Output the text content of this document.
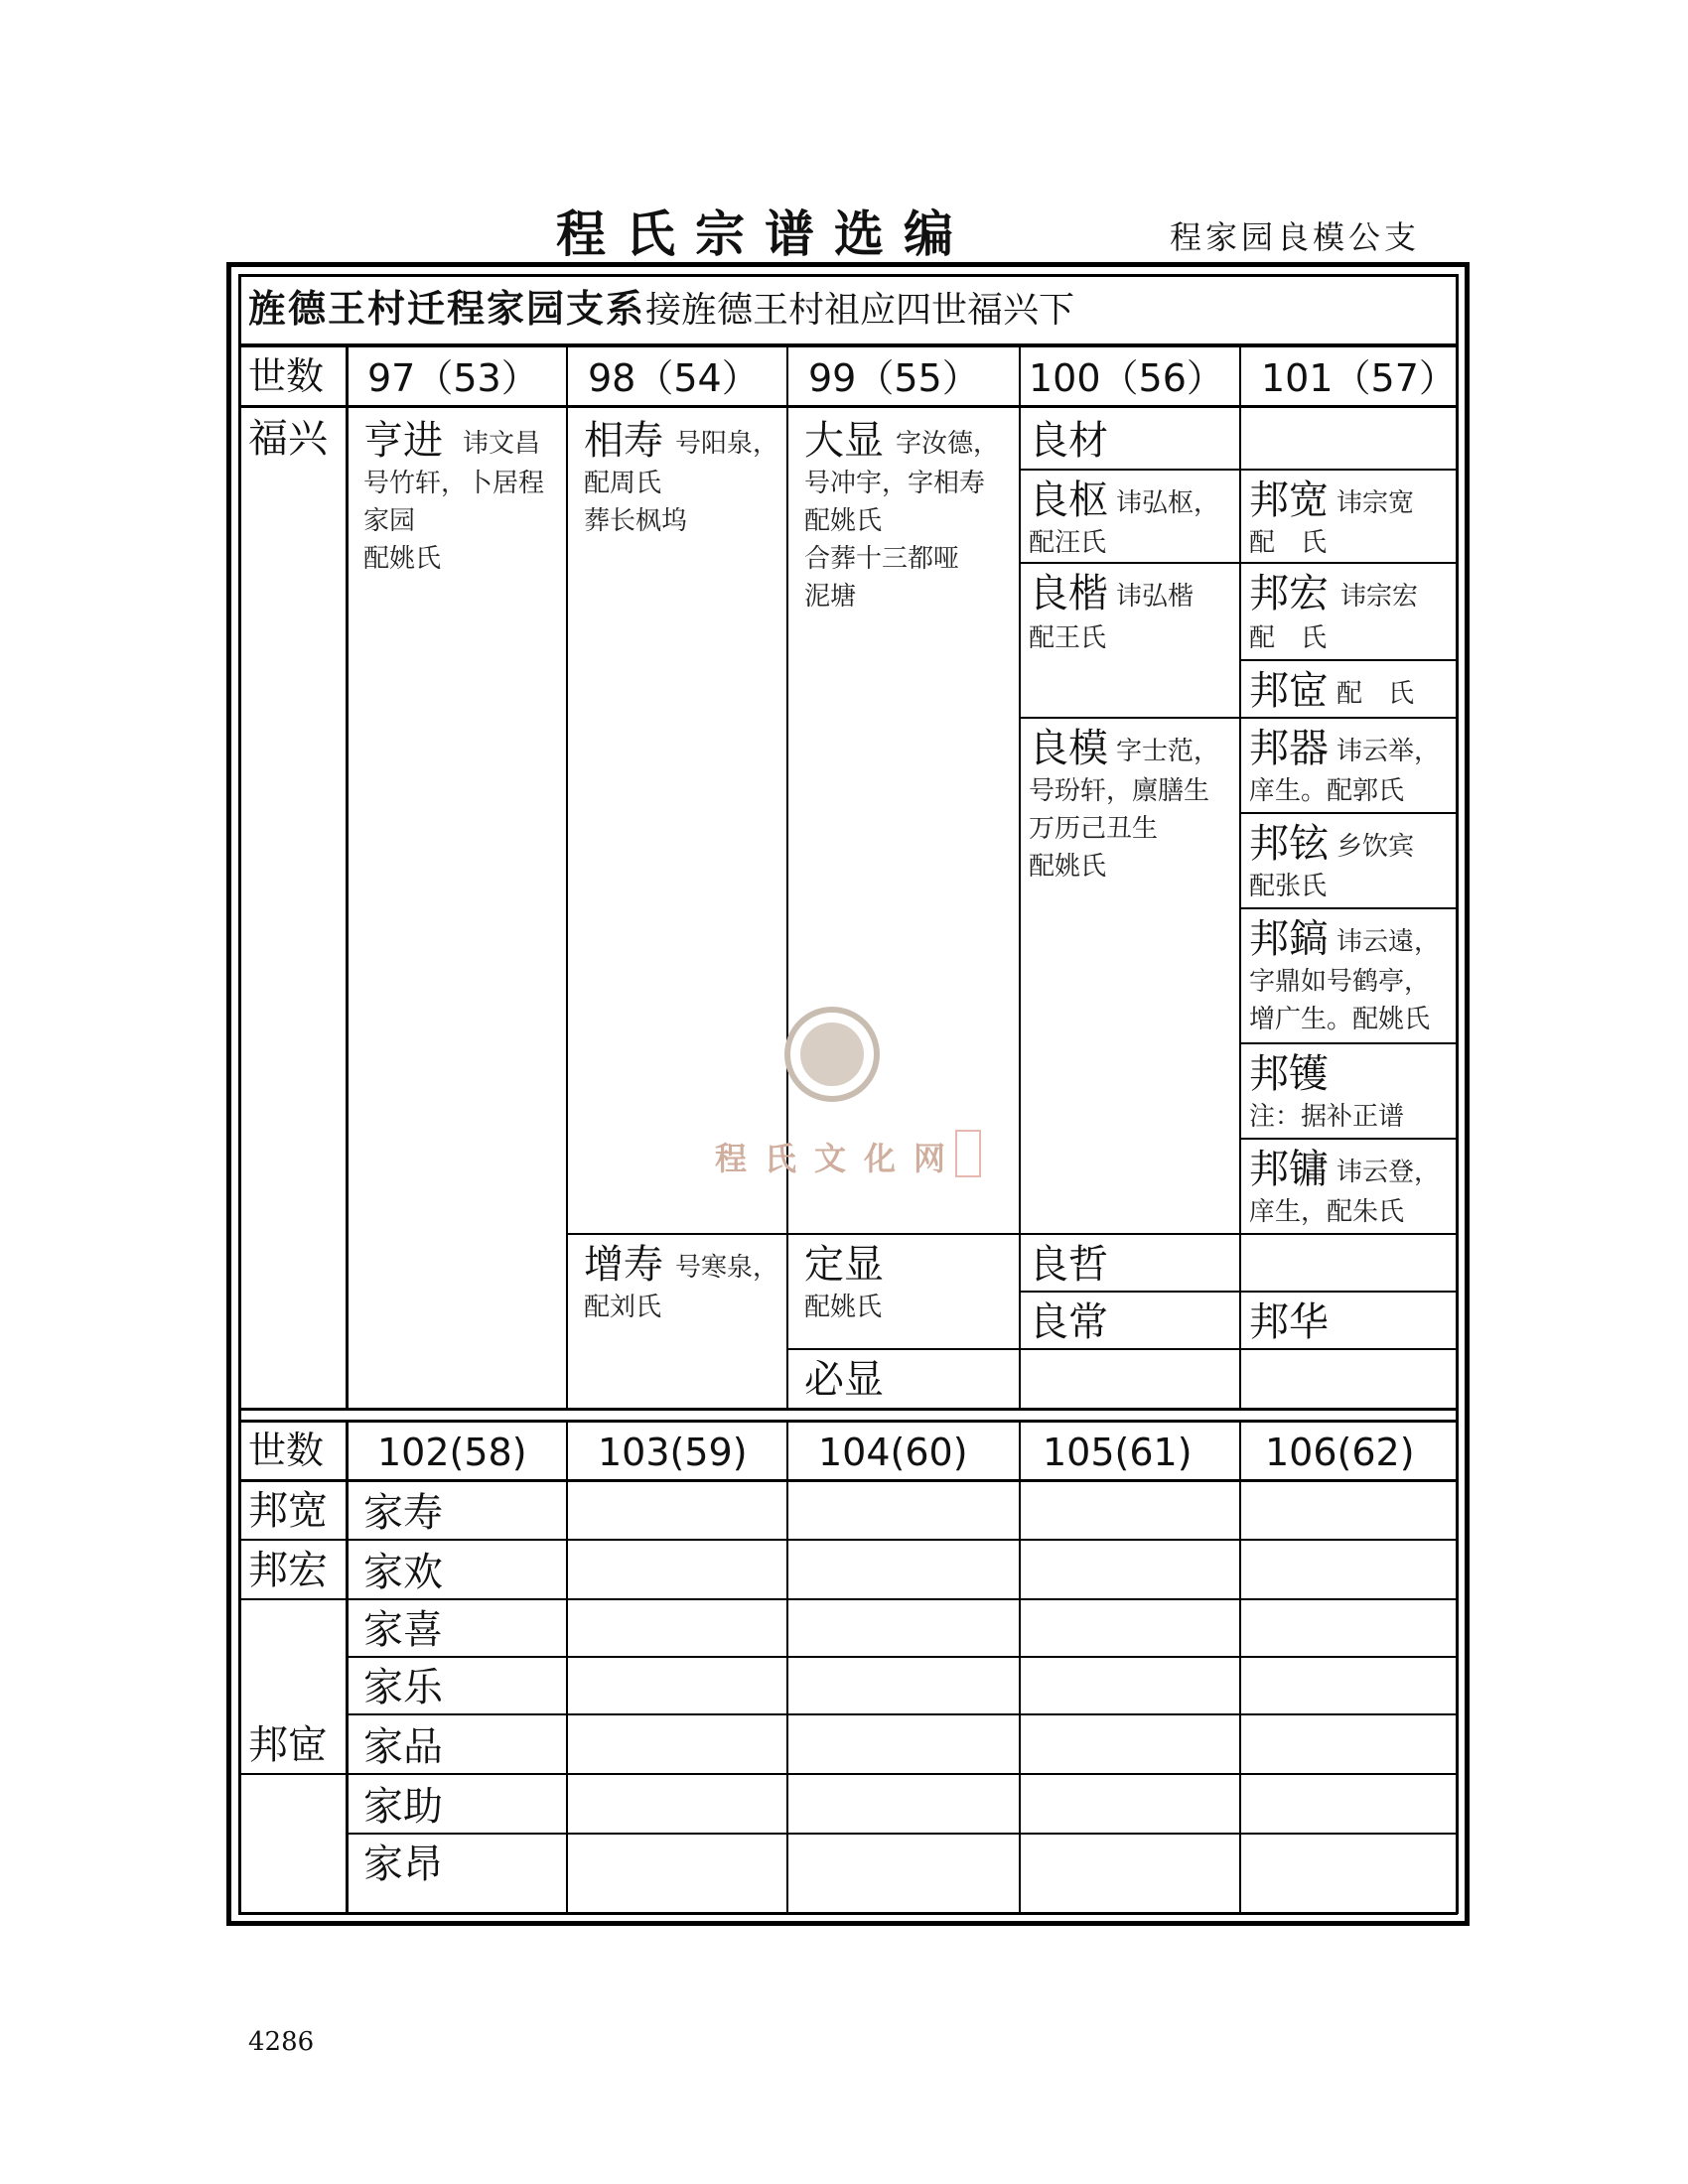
程氏宗谱选编	程家园良模公支
旌德王村迁程家园支系接旌德王村祖应四世福兴下
世数 97（53） 98（54） 99（55） 100（56） 101（57）
福兴 亨进 讳文昌
号竹轩，卜居程
家园
配姚氏
相寿 号阳泉，
配周氏
葬长枫坞
大显 字汝德，
号冲宇，字相寿
配姚氏
合葬十三都哑
泥塘
良材
良枢 讳弘枢，
配汪氏
良楷 讳弘楷
配王氏
良模 字士范，
号玢轩，廪膳生
万历己丑生
配姚氏
邦宽 讳宗宽
配　氏
邦宏 讳宗宏
配　氏
邦宧 配　氏
邦器 讳云举，
庠生。配郭氏
邦铉 乡饮宾
配张氏
邦鎬 讳云遠，
字鼎如号鹤亭，
增广生。配姚氏
邦镬
注：据补正谱
邦镛 讳云登，
庠生，配朱氏
增寿 号寒泉，
配刘氏
定显
配姚氏
必显
良哲
良常	邦华
世数 102(58) 103(59) 104(60) 105(61) 106(62)
邦宽
邦宏
邦宧
家寿
家欢
家喜
家乐
家品
家助
家昂
程氏文化网
4286
